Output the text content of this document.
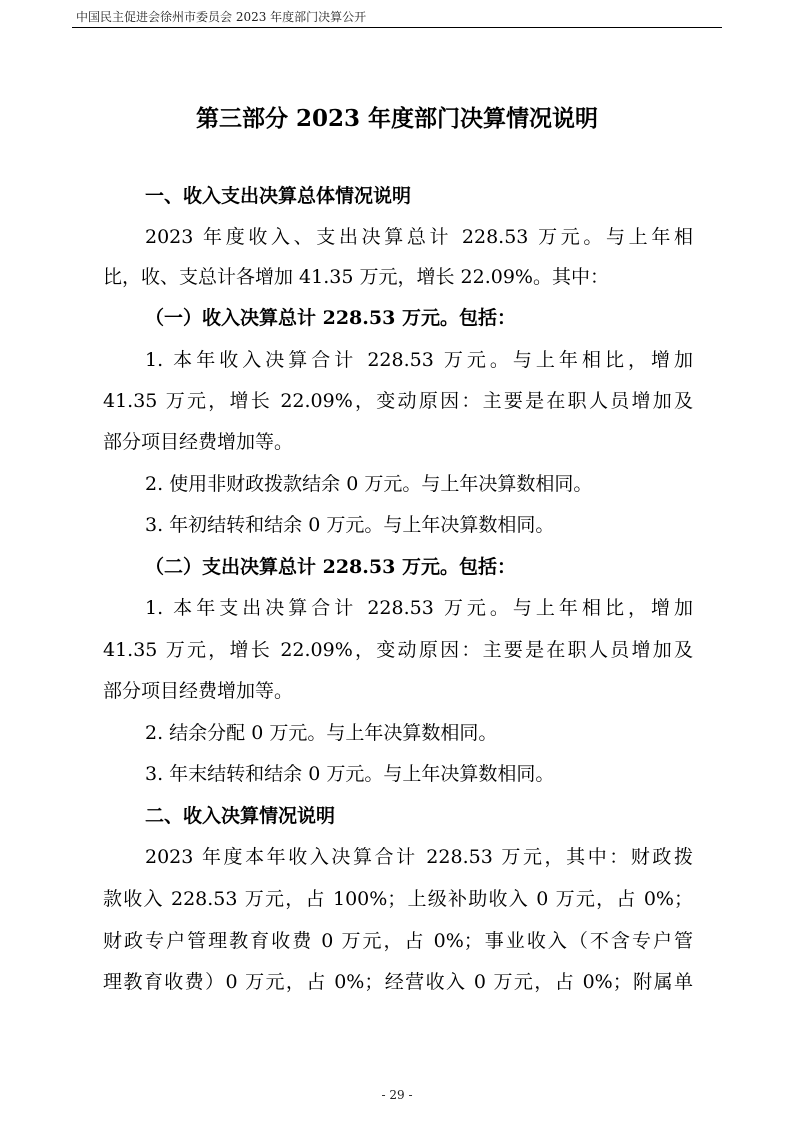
中国民主促进会徐州市委员会 2023 年度部门决算公开
第三部分 2023 年度部门决算情况说明
一、收入支出决算总体情况说明
2023 年度收入、支出决算总计 228.53 万元。与上年相
比，收、支总计各增加 41.35 万元，增长 22.09%。其中：
（一）收入决算总计 228.53 万元。包括：
1. 本年收入决算合计 228.53 万元。与上年相比，增加
41.35 万元，增长 22.09%，变动原因：主要是在职人员增加及
部分项目经费增加等。
2. 使用非财政拨款结余 0 万元。与上年决算数相同。
3. 年初结转和结余 0 万元。与上年决算数相同。
（二）支出决算总计 228.53 万元。包括：
1. 本年支出决算合计 228.53 万元。与上年相比，增加
41.35 万元，增长 22.09%，变动原因：主要是在职人员增加及
部分项目经费增加等。
2. 结余分配 0 万元。与上年决算数相同。
3. 年末结转和结余 0 万元。与上年决算数相同。
二、收入决算情况说明
2023 年度本年收入决算合计 228.53 万元，其中：财政拨
款收入 228.53 万元，占 100%；上级补助收入 0 万元，占 0%；
财政专户管理教育收费 0 万元，占 0%；事业收入（不含专户管
理教育收费）0 万元，占 0%；经营收入 0 万元，占 0%；附属单
- 29 -
